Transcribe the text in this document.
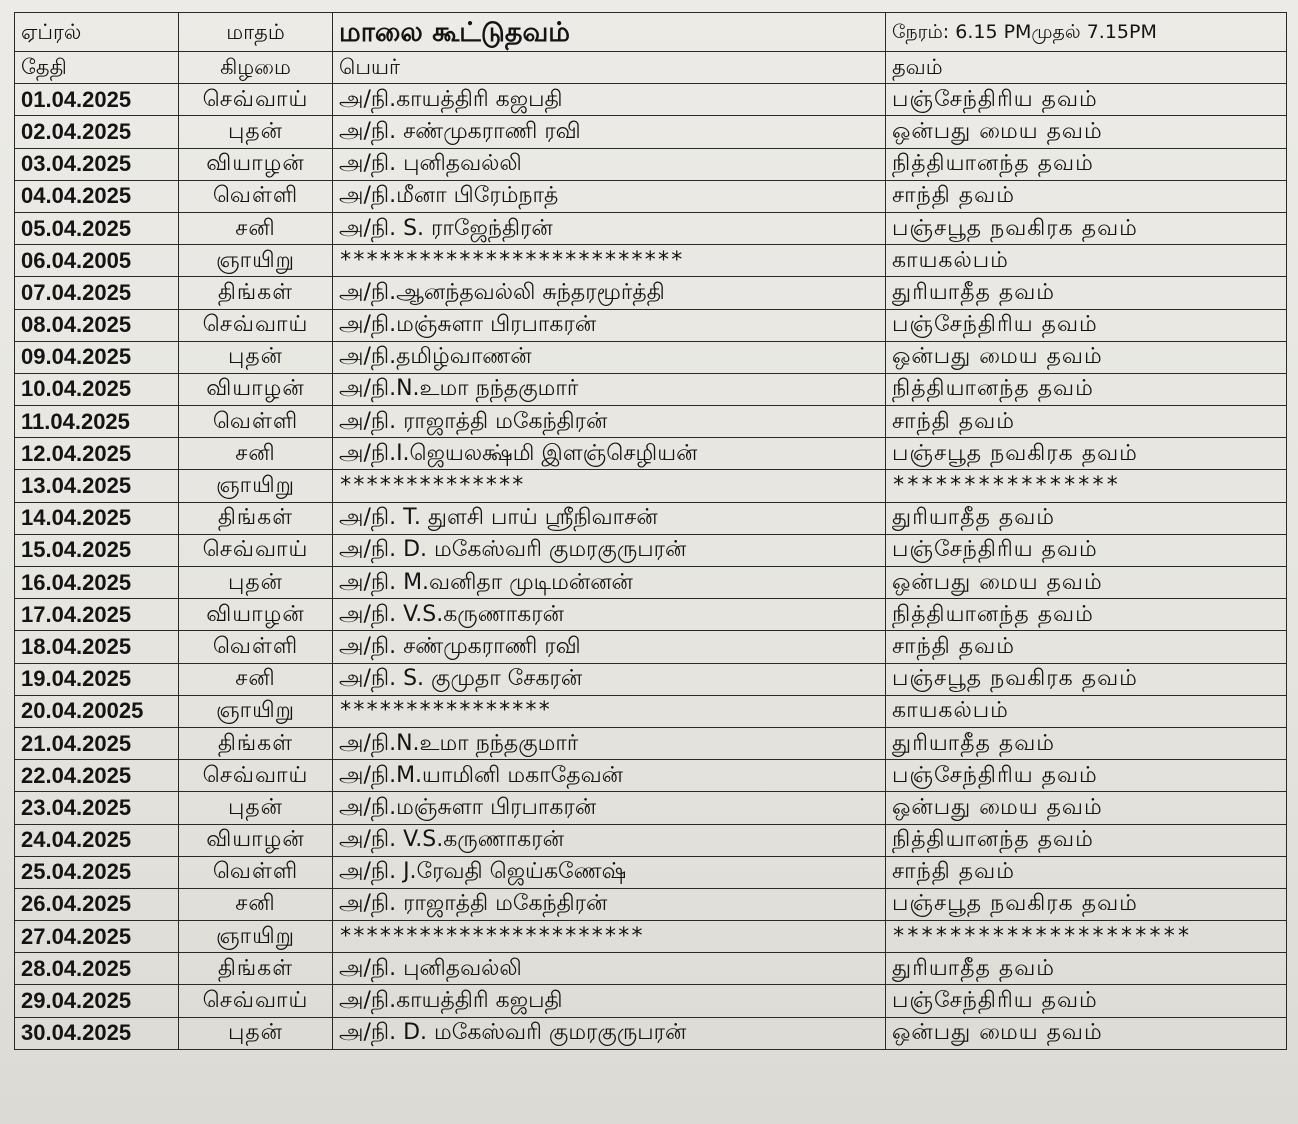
ஏப்ரல்	மாதம்	மாலை கூட்டுதவம்	நேரம்: 6.15 PMமுதல் 7.15PM
தேதி	கிழமை	பெயர்	தவம்
01.04.2025	செவ்வாய்	அ/நி.காயத்திரி கஜபதி	பஞ்சேந்திரிய தவம்
02.04.2025	புதன்	அ/நி. சண்முகராணி ரவி	ஒன்பது மைய தவம்
03.04.2025	வியாழன்	அ/நி. புனிதவல்லி	நித்தியானந்த தவம்
04.04.2025	வெள்ளி	அ/நி.மீனா பிரேம்நாத்	சாந்தி தவம்
05.04.2025	சனி	அ/நி. S. ராஜேந்திரன்	பஞ்சபூத நவகிரக தவம்
06.04.2005	ஞாயிறு	**************************	காயகல்பம்
07.04.2025	திங்கள்	அ/நி.ஆனந்தவல்லி சுந்தரமூர்த்தி	துரியாதீத தவம்
08.04.2025	செவ்வாய்	அ/நி.மஞ்சுளா பிரபாகரன்	பஞ்சேந்திரிய தவம்
09.04.2025	புதன்	அ/நி.தமிழ்வாணன்	ஒன்பது மைய தவம்
10.04.2025	வியாழன்	அ/நி.N.உமா நந்தகுமார்	நித்தியானந்த தவம்
11.04.2025	வெள்ளி	அ/நி. ராஜாத்தி மகேந்திரன்	சாந்தி தவம்
12.04.2025	சனி	அ/நி.I.ஜெயலக்ஷ்மி இளஞ்செழியன்	பஞ்சபூத நவகிரக தவம்
13.04.2025	ஞாயிறு	**************	****************
14.04.2025	திங்கள்	அ/நி. T. துளசி பாய் ஸ்ரீநிவாசன்	துரியாதீத தவம்
15.04.2025	செவ்வாய்	அ/நி. D. மகேஸ்வரி குமரகுருபரன்	பஞ்சேந்திரிய தவம்
16.04.2025	புதன்	அ/நி. M.வனிதா முடிமன்னன்	ஒன்பது மைய தவம்
17.04.2025	வியாழன்	அ/நி. V.S.கருணாகரன்	நித்தியானந்த தவம்
18.04.2025	வெள்ளி	அ/நி. சண்முகராணி ரவி	சாந்தி தவம்
19.04.2025	சனி	அ/நி. S. குமுதா சேகரன்	பஞ்சபூத நவகிரக தவம்
20.04.20025	ஞாயிறு	****************	காயகல்பம்
21.04.2025	திங்கள்	அ/நி.N.உமா நந்தகுமார்	துரியாதீத தவம்
22.04.2025	செவ்வாய்	அ/நி.M.யாமினி மகாதேவன்	பஞ்சேந்திரிய தவம்
23.04.2025	புதன்	அ/நி.மஞ்சுளா பிரபாகரன்	ஒன்பது மைய தவம்
24.04.2025	வியாழன்	அ/நி. V.S.கருணாகரன்	நித்தியானந்த தவம்
25.04.2025	வெள்ளி	அ/நி. J.ரேவதி ஜெய்கணேஷ்	சாந்தி தவம்
26.04.2025	சனி	அ/நி. ராஜாத்தி மகேந்திரன்	பஞ்சபூத நவகிரக தவம்
27.04.2025	ஞாயிறு	***********************	*********************
28.04.2025	திங்கள்	அ/நி. புனிதவல்லி	துரியாதீத தவம்
29.04.2025	செவ்வாய்	அ/நி.காயத்திரி கஜபதி	பஞ்சேந்திரிய தவம்
30.04.2025	புதன்	அ/நி. D. மகேஸ்வரி குமரகுருபரன்	ஒன்பது மைய தவம்
